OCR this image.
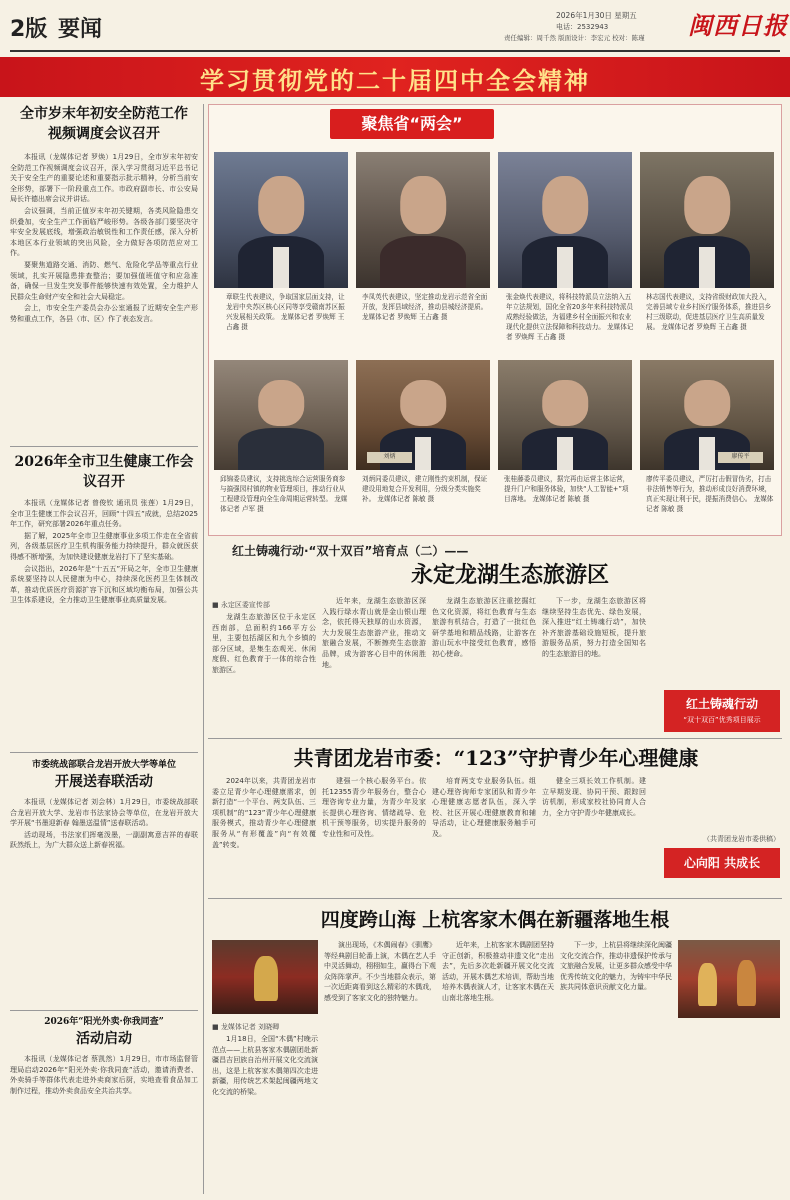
2版 要闻
2026年1月30日 星期五
电话：2532943
责任编辑：周千然 版面设计：李宏元 校对：陈瑾 闽西日报
学习贯彻党的二十届四中全会精神
全市岁末年初安全防范工作
视频调度会议召开

本报讯（龙媒体记者 罗焕）1月29日，全市岁末年初安全防范工作视频调度会议召开，深入学习贯彻习近平总书记关于安全生产的重要论述和重要指示批示精神，分析当前安全形势，部署下一阶段重点工作。市政府副市长、市公安局局长许德出席会议并讲话。

会议强调，当前正值岁末年初关键期，各类风险隐患交织叠加，安全生产工作面临严峻形势。各级各部门要坚决守牢安全发展底线，增强政治敏锐性和工作责任感，深入分析本地区本行业领域的突出风险，全力做好各项防范应对工作。

要聚焦道路交通、消防、燃气、危险化学品等重点行业领域，扎实开展隐患排查整治；要加强值班值守和应急准备，确保一旦发生突发事件能够快速有效处置，全力维护人民群众生命财产安全和社会大局稳定。

会上，市安全生产委员会办公室通报了近期安全生产形势和重点工作，各县（市、区）作了表态发言。

2026年全市卫生健康工作会议召开

本报讯（龙媒体记者 曾俊钦 通讯员 张莲）1月29日，全市卫生健康工作会议召开，回顾“十四五”成就，总结2025年工作，研究部署2026年重点任务。

据了解，2025年全市卫生健康事业多项工作走在全省前列，各级基层医疗卫生机构服务能力持续提升，群众就医获得感不断增强，为加快建设健康龙岩打下了坚实基础。

会议指出，2026年是“十五五”开局之年，全市卫生健康系统要坚持以人民健康为中心，持续深化医药卫生体制改革，推动优质医疗资源扩容下沉和区域均衡布局，加强公共卫生体系建设，全力推动卫生健康事业高质量发展。

市委统战部联合龙岩开放大学等单位
开展送春联活动

本报讯（龙媒体记者 刘会林）1月29日，市委统战部联合龙岩开放大学、龙岩市书法家协会等单位，在龙岩开放大学开展“书墨迎新春 翰墨送温情”送春联活动。

活动现场，书法家们挥毫泼墨，一副副寓意吉祥的春联跃然纸上，为广大群众送上新春祝福。

2026年“阳光外卖·你我同查”
活动启动

本报讯（龙媒体记者 蔡凯然）1月29日，市市场监督管理局启动2026年“阳光外卖·你我同查”活动，邀请消费者、外卖骑手等群体代表走进外卖商家后厨，实地查看食品加工制作过程，推动外卖食品安全共治共享。

聚焦省“两会”
章联生代表建议，争取国家层面支持，让龙岩中央苏区核心区同等享受赣南苏区振兴发展相关政策。 龙媒体记者 罗焕辉 王占鑫 摄
李凤英代表建议，坚定推动龙岩示范省全面开放，发挥县域经济，推动县城经济提质。 龙媒体记者 罗焕辉 王占鑫 摄
张金焕代表建议，将科技特派员立法纳入五年立法规划，国化全省20多年来科技特派员成熟经验做法，为福建乡村全面振兴和农业现代化提供立法保障和科技动力。 龙媒体记者 罗焕辉 王占鑫 摄
林志国代表建议，支持省级财政加大投入，完善县域专业乡村医疗服务体系，推进县乡村三级联动，促进基层医疗卫生高质量发展。 龙媒体记者 罗焕辉 王占鑫 摄
刘炳	廖传平
邱锦委员建议，支持挑选综合运营服务商参与搞强园村镇的物业管理项目，推动行业从工程建设管理向全生命周期运营转型。 龙媒体记者 卢军 摄
刘炳同委员建议，建立刚性约束机制，保证建设用地复合开发利用，分级分类实施奖补。 龙媒体记者 陈敏 摄
张桂藤委员建议，据完再由运营主体运营，提升门户和服务体验，加快“人工智能+”项目落地。 龙媒体记者 陈敏 摄
廖传平委员建议，严厉打击假冒伪劣，打击非法销售等行为，推动形成良好消费环境，真正实现让利于民，提振消费信心。 龙媒体记者 陈敏 摄
红土铸魂行动·“双十双百”培育点（二）——
永定龙湖生态旅游区
■ 永定区委宣传部

龙湖生态旅游区位于永定区西南部，总面积约166平方公里，主要包括湖区和九个乡镇的部分区域，是集生态观光、休闲度假、红色教育于一体的综合性旅游区。

近年来，龙湖生态旅游区深入践行绿水青山就是金山银山理念，依托得天独厚的山水资源，大力发展生态旅游产业，推动文旅融合发展，不断擦亮生态旅游品牌，成为游客心目中的休闲胜地。

龙湖生态旅游区注重挖掘红色文化资源，将红色教育与生态旅游有机结合，打造了一批红色研学基地和精品线路，让游客在游山玩水中接受红色教育，感悟初心使命。

下一步，龙湖生态旅游区将继续坚持生态优先、绿色发展，深入推进“红土铸魂行动”，加快补齐旅游基础设施短板，提升旅游服务品质，努力打造全国知名的生态旅游目的地。

红土铸魂行动
“双十双百”优秀项目展示
共青团龙岩市委：“123”守护青少年心理健康

2024年以来，共青团龙岩市委立足青少年心理健康需求，创新打造“一个平台、两支队伍、三项机制”的“123”青少年心理健康服务模式，推动青少年心理健康服务从“有形覆盖”向“有效覆盖”转变。

建强一个核心服务平台。依托12355青少年服务台，整合心理咨询专业力量，为青少年及家长提供心理咨询、情绪疏导、危机干预等服务，切实提升服务的专业性和可及性。

培育两支专业服务队伍。组建心理咨询师专家团队和青少年心理健康志愿者队伍，深入学校、社区开展心理健康教育和辅导活动，让心理健康服务触手可及。

健全三项长效工作机制。建立早期发现、协同干预、跟踪回访机制，形成家校社协同育人合力，全力守护青少年健康成长。

（共青团龙岩市委供稿）
心向阳 共成长
四度跨山海 上杭客家木偶在新疆落地生根
■ 龙媒体记者 刘晓卿

1月18日，全国“木偶”村晚示范点——上杭县客家木偶剧团赴新疆昌吉回族自治州开展文化交流演出，这是上杭客家木偶第四次走进新疆，用传统艺术架起闽疆两地文化交流的桥梁。

演出现场，《木偶闹春》《驯鹰》等经典剧目轮番上演，木偶在艺人手中灵活舞动，栩栩如生，赢得台下观众阵阵掌声。不少当地群众表示，第一次近距离看到这么精彩的木偶戏，感受到了客家文化的独特魅力。

近年来，上杭客家木偶剧团坚持守正创新，积极推动非遗文化“走出去”，先后多次赴新疆开展文化交流活动，开展木偶艺术培训，帮助当地培养木偶表演人才，让客家木偶在天山南北落地生根。

下一步，上杭县将继续深化闽疆文化交流合作，推动非遗保护传承与文旅融合发展，让更多群众感受中华优秀传统文化的魅力，为铸牢中华民族共同体意识贡献文化力量。
